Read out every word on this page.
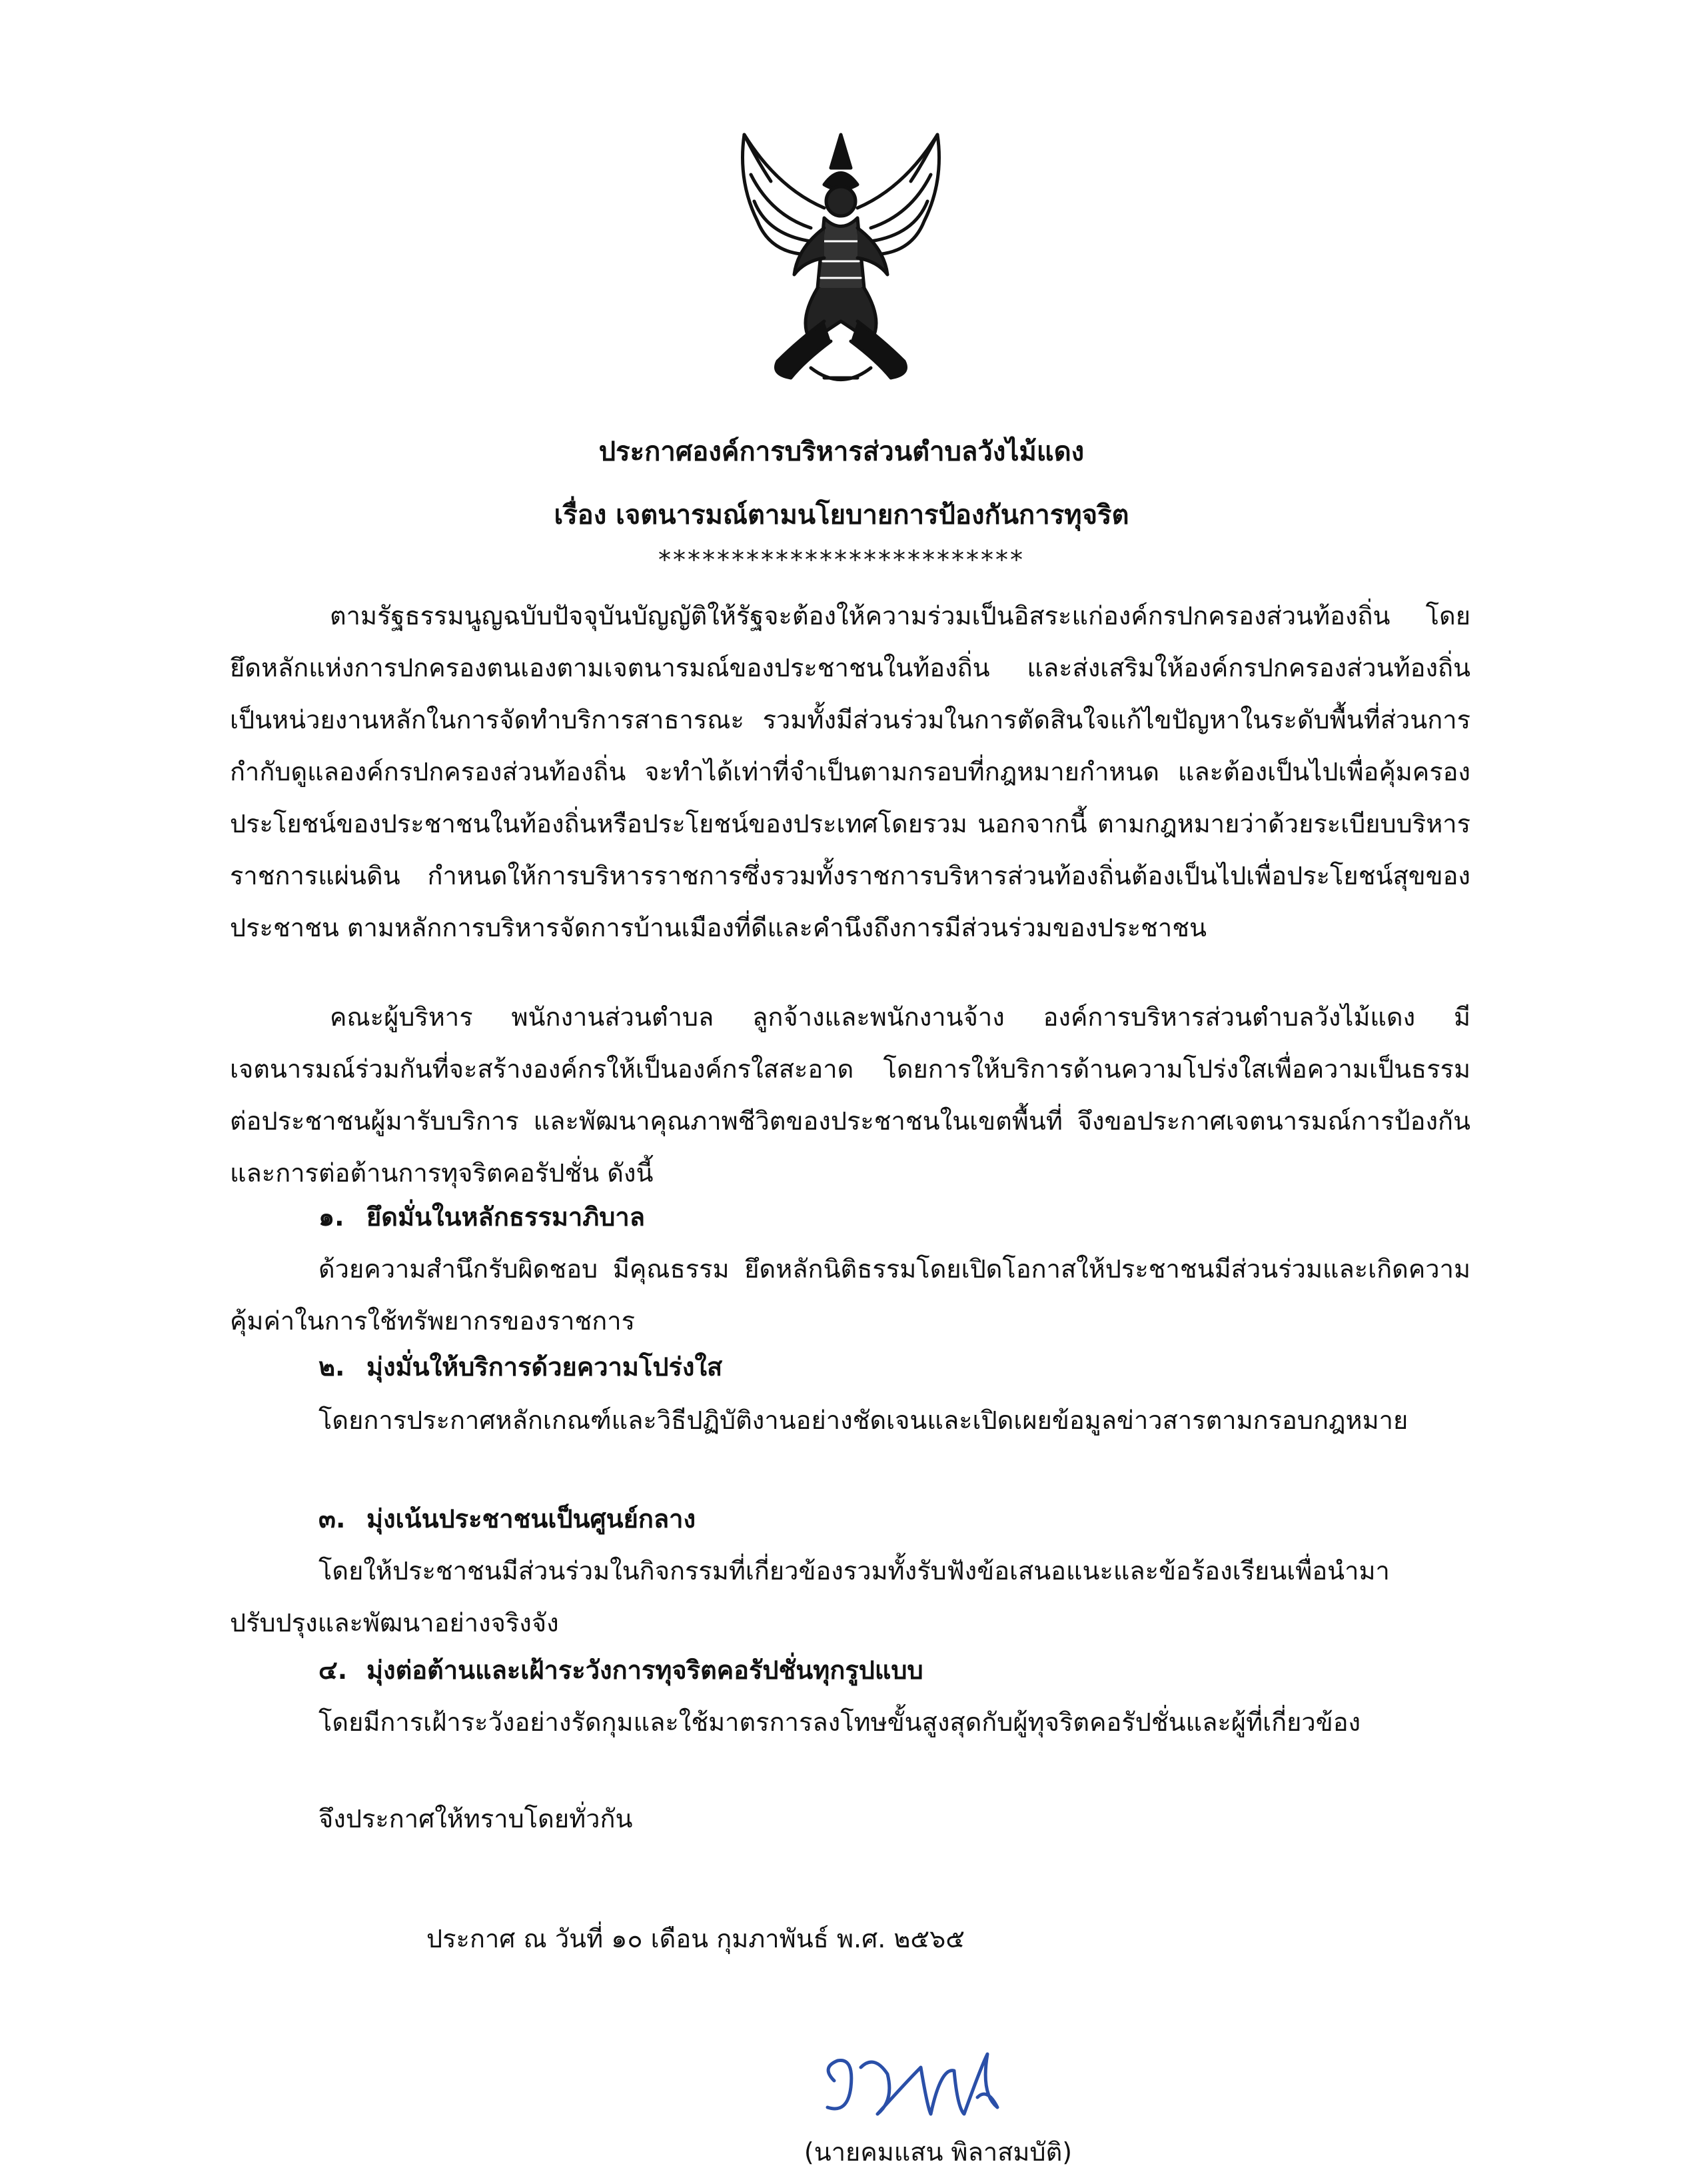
ประกาศองค์การบริหารส่วนตำบลวังไม้แดง
เรื่อง เจตนารมณ์ตามนโยบายการป้องกันการทุจริต
*************************

ตามรัฐธรรมนูญฉบับปัจจุบันบัญญัติให้รัฐจะต้องให้ความร่วมเป็นอิสระแก่องค์กรปกครองส่วนท้องถิ่น โดยยึดหลักแห่งการปกครองตนเองตามเจตนารมณ์ของประชาชนในท้องถิ่น และส่งเสริมให้องค์กรปกครองส่วนท้องถิ่นเป็นหน่วยงานหลักในการจัดทำบริการสาธารณะ รวมทั้งมีส่วนร่วมในการตัดสินใจแก้ไขปัญหาในระดับพื้นที่ส่วนการกำกับดูแลองค์กรปกครองส่วนท้องถิ่น จะทำได้เท่าที่จำเป็นตามกรอบที่กฎหมายกำหนด และต้องเป็นไปเพื่อคุ้มครองประโยชน์ของประชาชนในท้องถิ่นหรือประโยชน์ของประเทศโดยรวม นอกจากนี้ ตามกฎหมายว่าด้วยระเบียบบริหารราชการแผ่นดิน กำหนดให้การบริหารราชการซึ่งรวมทั้งราชการบริหารส่วนท้องถิ่นต้องเป็นไปเพื่อประโยชน์สุขของประชาชน ตามหลักการบริหารจัดการบ้านเมืองที่ดีและคำนึงถึงการมีส่วนร่วมของประชาชน

คณะผู้บริหาร พนักงานส่วนตำบล ลูกจ้างและพนักงานจ้าง องค์การบริหารส่วนตำบลวังไม้แดง มีเจตนารมณ์ร่วมกันที่จะสร้างองค์กรให้เป็นองค์กรใสสะอาด โดยการให้บริการด้านความโปร่งใสเพื่อความเป็นธรรมต่อประชาชนผู้มารับบริการ และพัฒนาคุณภาพชีวิตของประชาชนในเขตพื้นที่ จึงขอประกาศเจตนารมณ์การป้องกันและการต่อต้านการทุจริตคอรัปชั่น ดังนี้

๑. ยึดมั่นในหลักธรรมาภิบาล

ด้วยความสำนึกรับผิดชอบ มีคุณธรรม ยึดหลักนิติธรรมโดยเปิดโอกาสให้ประชาชนมีส่วนร่วมและเกิดความคุ้มค่าในการใช้ทรัพยากรของราชการ

๒. มุ่งมั่นให้บริการด้วยความโปร่งใส

โดยการประกาศหลักเกณฑ์และวิธีปฏิบัติงานอย่างชัดเจนและเปิดเผยข้อมูลข่าวสารตามกรอบกฎหมาย

๓. มุ่งเน้นประชาชนเป็นศูนย์กลาง

โดยให้ประชาชนมีส่วนร่วมในกิจกรรมที่เกี่ยวข้องรวมทั้งรับฟังข้อเสนอแนะและข้อร้องเรียนเพื่อนำมาปรับปรุงและพัฒนาอย่างจริงจัง

๔. มุ่งต่อต้านและเฝ้าระวังการทุจริตคอรัปชั่นทุกรูปแบบ

โดยมีการเฝ้าระวังอย่างรัดกุมและใช้มาตรการลงโทษขั้นสูงสุดกับผู้ทุจริตคอรัปชั่นและผู้ที่เกี่ยวข้อง

จึงประกาศให้ทราบโดยทั่วกัน

ประกาศ ณ วันที่ ๑๐ เดือน กุมภาพันธ์ พ.ศ. ๒๕๖๕

(นายคมแสน พิลาสมบัติ)
